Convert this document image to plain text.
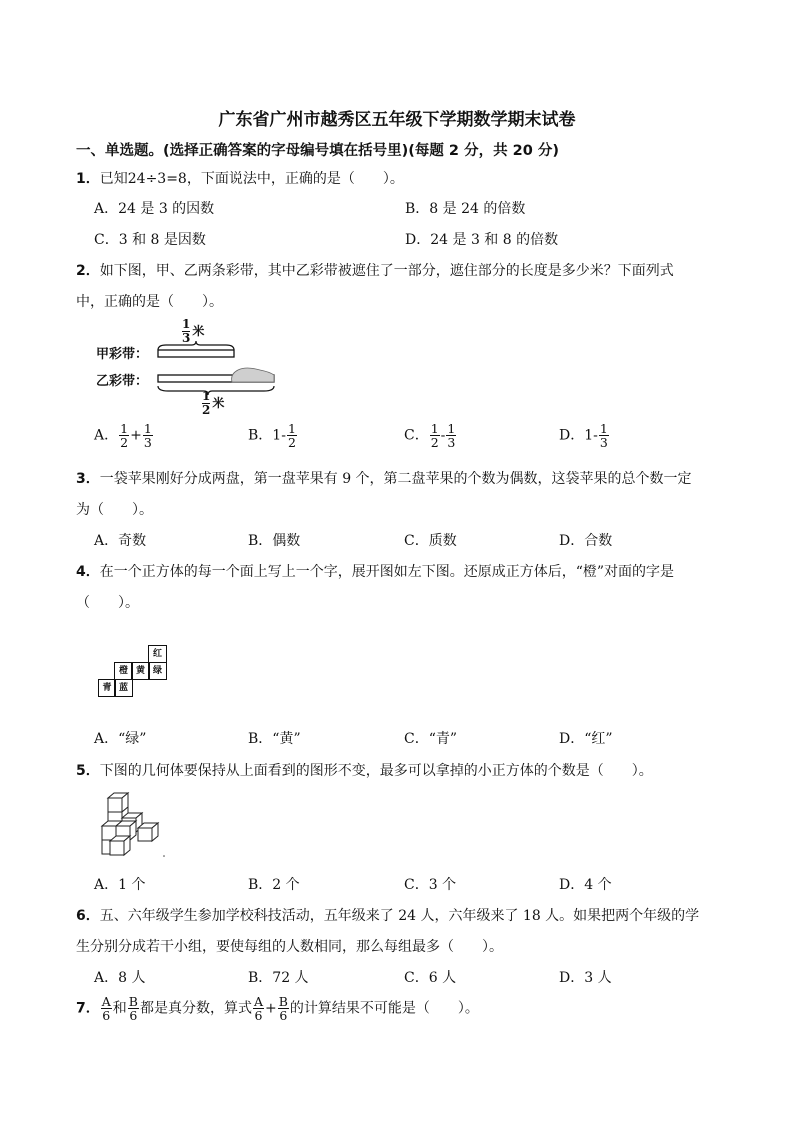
广东省广州市越秀区五年级下学期数学期末试卷
一、单选题。(选择正确答案的字母编号填在括号里)(每题 2 分，共 20 分)
1．已知24÷3=8，下面说法中，正确的是（　　）。
A．24 是 3 的因数	B．8 是 24 的倍数
C．3 和 8 是因数	D．24 是 3 和 8 的倍数
2．如下图，甲、乙两条彩带，其中乙彩带被遮住了一部分，遮住部分的长度是多少米？下面列式
中，正确的是（　　）。
$\frac{1}{3}$ 米
甲彩带：
乙彩带：
$\frac{1}{2}$ 米
A． $\frac{1}{2} + \frac{1}{3}$	B．$1- \frac{1}{2}$	C． $\frac{1}{2} - \frac{1}{3}$	D．$1- \frac{1}{3}$
3．一袋苹果刚好分成两盘，第一盘苹果有 9 个，第二盘苹果的个数为偶数，这袋苹果的总个数一定
为（　　）。
A．奇数	B．偶数	C．质数	D．合数
4．在一个正方体的每一个面上写上一个字，展开图如左下图。还原成正方体后，“橙”对面的字是
（　　）。
红
橙 黄 绿
青 蓝
A．“绿”	B．“黄”	C．“青”	D．“红”
5．下图的几何体要保持从上面看到的图形不变，最多可以拿掉的小正方体的个数是（　　）。
A．1 个	B．2 个	C．3 个	D．4 个
6．五、六年级学生参加学校科技活动，五年级来了 24 人，六年级来了 18 人。如果把两个年级的学
生分别分成若干小组，要使每组的人数相同，那么每组最多（　　）。
A．8 人	B．72 人	C．6 人	D．3 人
7． $\frac{A}{6}$ 和 $\frac{B}{6}$ 都是真分数，算式 $\frac{A}{6} + \frac{B}{6}$ 的计算结果不可能是（　　）。
